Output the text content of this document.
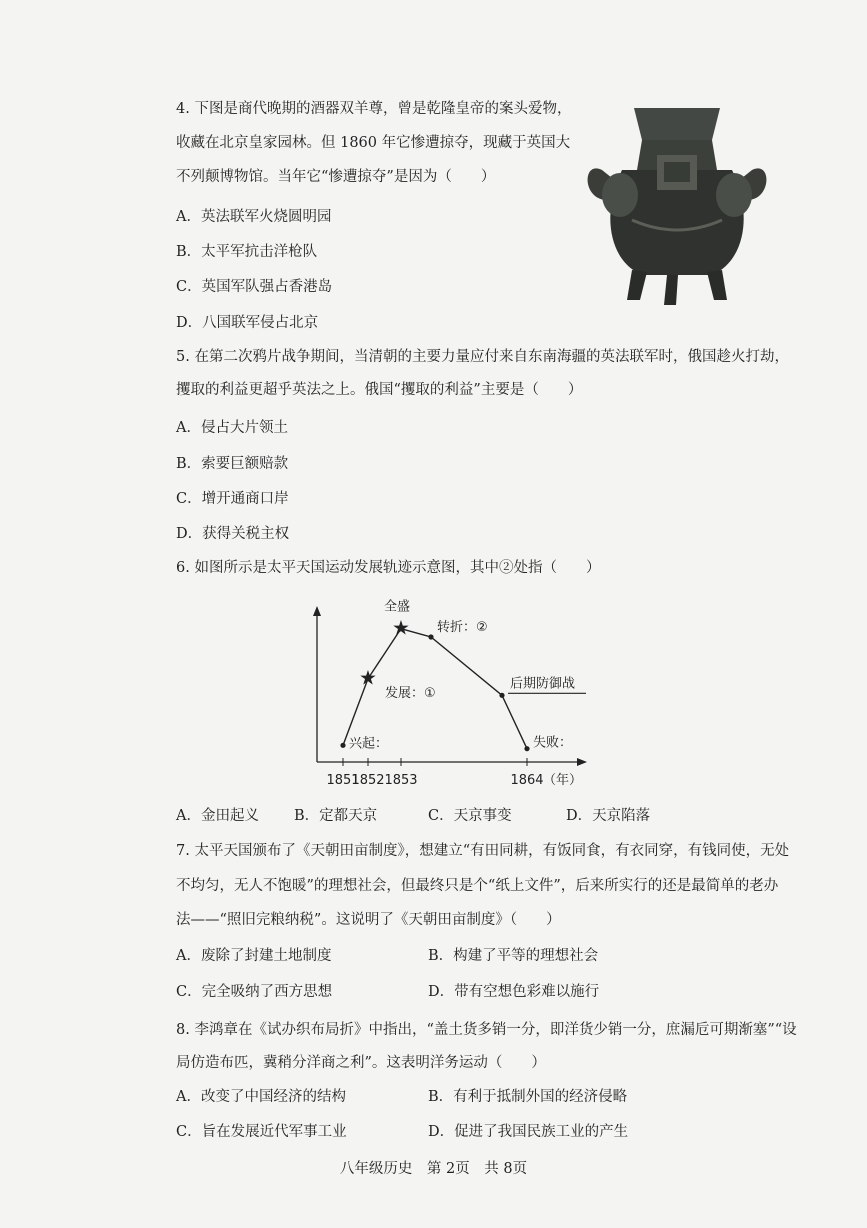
4. 下图是商代晚期的酒器双羊尊，曾是乾隆皇帝的案头爱物，
收藏在北京皇家园林。但 1860 年它惨遭掠夺，现藏于英国大
不列颠博物馆。当年它“惨遭掠夺”是因为（　　）
A．英法联军火烧圆明园
B．太平军抗击洋枪队
C．英国军队强占香港岛
D．八国联军侵占北京
5. 在第二次鸦片战争期间，当清朝的主要力量应付来自东南海疆的英法联军时，俄国趁火打劫，
攫取的利益更超乎英法之上。俄国“攫取的利益”主要是（　　）
A．侵占大片领土
B．索要巨额赔款
C．增开通商口岸
D．获得关税主权
6. 如图所示是太平天国运动发展轨迹示意图，其中②处指（　　）
1851
1852 1853	1864
★
★
全盛
转折：②
发展：①
兴起：
后期防御战
失败：
（年）
A．金田起义 B．定都天京	C．天京事变	D．天京陷落
7. 太平天国颁布了《天朝田亩制度》，想建立“有田同耕，有饭同食，有衣同穿，有钱同使，无处
不均匀，无人不饱暖”的理想社会，但最终只是个“纸上文件”，后来所实行的还是最简单的老办
法——“照旧完粮纳税”。这说明了《天朝田亩制度》（　　）
A．废除了封建土地制度	B．构建了平等的理想社会
C．完全吸纳了西方思想	D．带有空想色彩难以施行
8. 李鸿章在《试办织布局折》中指出，“盖土货多销一分，即洋货少销一分，庶漏卮可期渐塞”“设
局仿造布匹，冀稍分洋商之利”。这表明洋务运动（　　）
A．改变了中国经济的结构	B．有利于抵制外国的经济侵略
C．旨在发展近代军事工业	D．促进了我国民族工业的产生
八年级历史　第 2页　共 8页
